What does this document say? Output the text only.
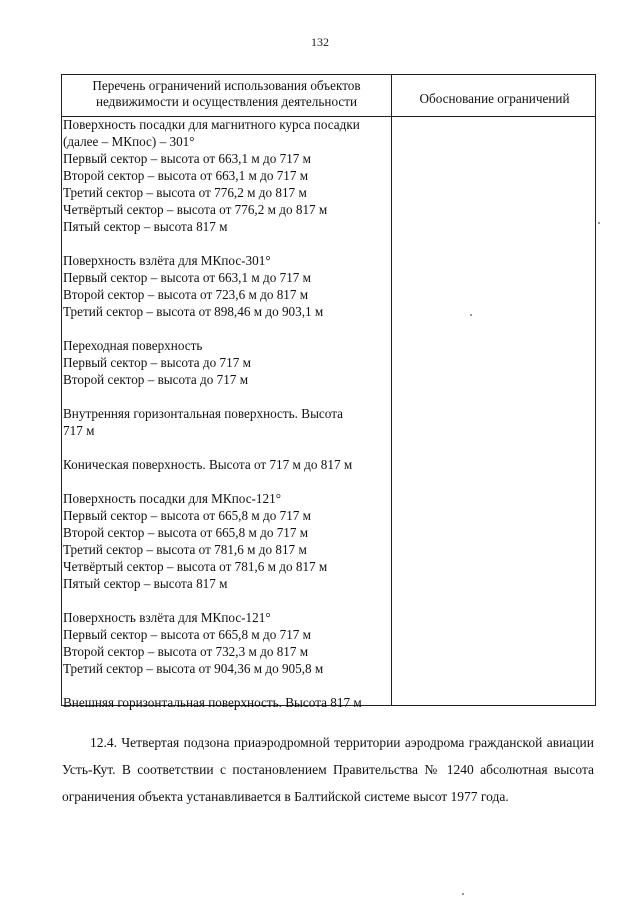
132
Перечень ограничений использования объектов
недвижимости и осуществления деятельности	Обоснование ограничений
Поверхность посадки для магнитного курса посадки
(далее – МКпос) – 301°
Первый сектор – высота от 663,1 м до 717 м
Второй сектор – высота от 663,1 м до 717 м
Третий сектор – высота от 776,2 м до 817 м
Четвёртый сектор – высота от 776,2 м до 817 м
Пятый сектор – высота 817 м
Поверхность взлёта для МКпос-301°
Первый сектор – высота от 663,1 м до 717 м
Второй сектор – высота от 723,6 м до 817 м
Третий сектор – высота от 898,46 м до 903,1 м
Переходная поверхность
Первый сектор – высота до 717 м
Второй сектор – высота до 717 м
Внутренняя горизонтальная поверхность. Высота
717 м
Коническая поверхность. Высота от 717 м до 817 м
Поверхность посадки для МКпос-121°
Первый сектор – высота от 665,8 м до 717 м
Второй сектор – высота от 665,8 м до 717 м
Третий сектор – высота от 781,6 м до 817 м
Четвёртый сектор – высота от 781,6 м до 817 м
Пятый сектор – высота 817 м
Поверхность взлёта для МКпос-121°
Первый сектор – высота от 665,8 м до 717 м
Второй сектор – высота от 732,3 м до 817 м
Третий сектор – высота от 904,36 м до 905,8 м
Внешняя горизонтальная поверхность. Высота 817 м
12.4. Четвертая подзона приаэродромной территории аэродрома гражданской авиации Усть-Кут. В соответствии с постановлением Правительства № 1240 абсолютная высота ограничения объекта устанавливается в Балтийской системе высот 1977 года.
